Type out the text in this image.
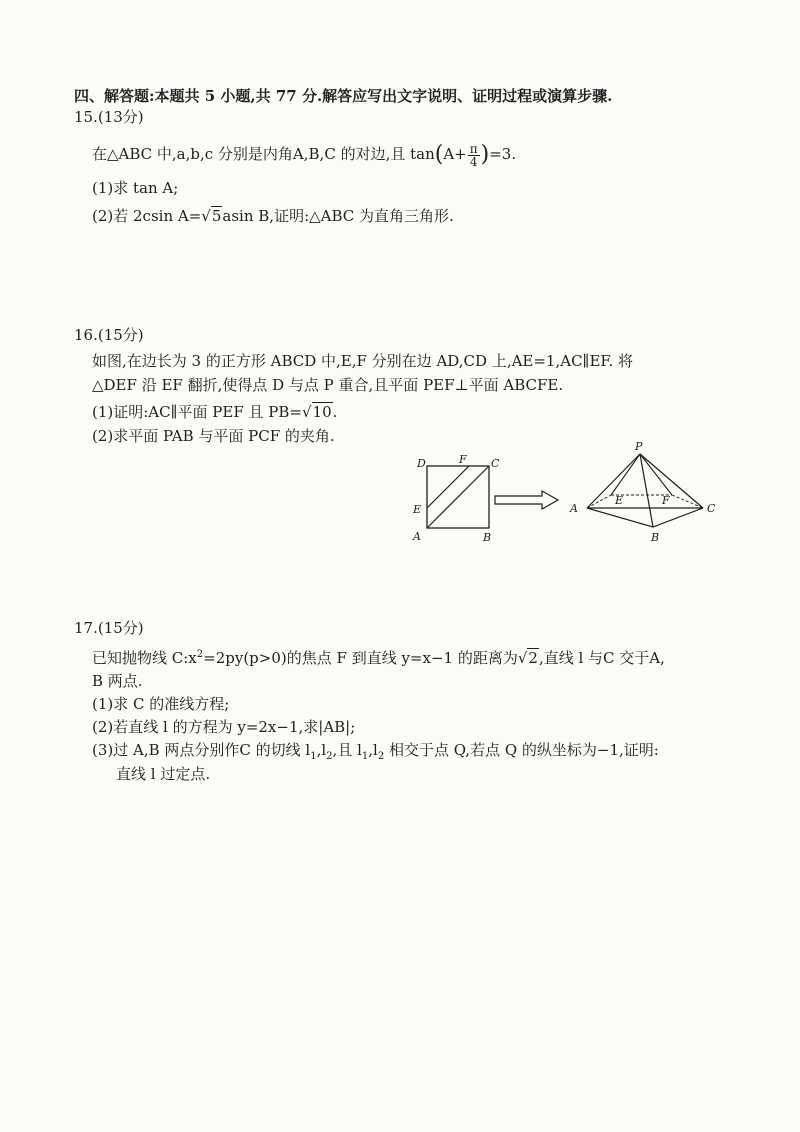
四、解答题:本题共 5 小题,共 77 分.解答应写出文字说明、证明过程或演算步骤.
15.(13分)
在△ABC 中,a,b,c 分别是内角A,B,C 的对边,且 $\tan(A+ \frac{\pi}{4} )=3$.
(1)求 tan A;
(2)若 2csin A=√5asin B,证明:△ABC 为直角三角形.
16.(15分)
如图,在边长为 3 的正方形 ABCD 中,E,F 分别在边 AD,CD 上,AE=1,AC∥EF. 将
△DEF 沿 EF 翻折,使得点 D 与点 P 重合,且平面 PEF⊥平面 ABCFE.
(1)证明:AC∥平面 PEF 且 PB=√10.
(2)求平面 PAB 与平面 PCF 的夹角.
D	F C
E
A	B
P
A	C
B
E	F
17.(15分)
已知抛物线 $C:x^2=2py(p>0)$的焦点 F 到直线 y=x−1 的距离为√2,直线 l 与C 交于A,
B 两点.
(1)求 C 的准线方程;
(2)若直线 l 的方程为 y=2x−1,求|AB|;
(3)过 A,B 两点分别作C 的切线 $l_1,l_2$,且 $l_1,l_2$ 相交于点 Q,若点 Q 的纵坐标为−1,证明:
直线 l 过定点.
